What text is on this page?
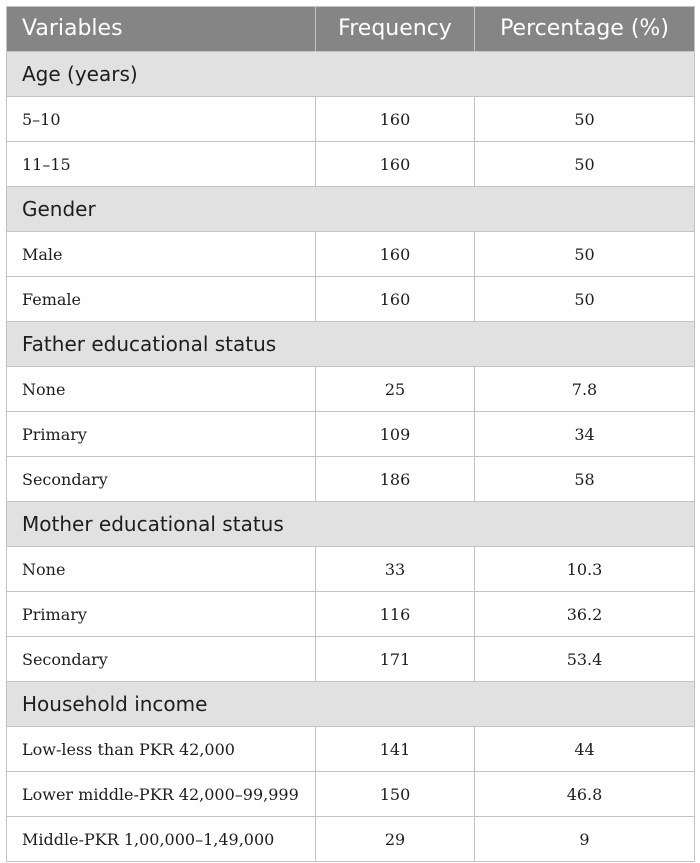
Variables	Frequency	Percentage (%)
Age (years)		
5–10	160	50
11–15	160	50
Gender		
Male	160	50
Female	160	50
Father educational status		
None	25	7.8
Primary	109	34
Secondary	186	58
Mother educational status		
None	33	10.3
Primary	116	36.2
Secondary	171	53.4
Household income		
Low-less than PKR 42,000	141	44
Lower middle-PKR 42,000–99,999	150	46.8
Middle-PKR 1,00,000–1,49,000	29	9
